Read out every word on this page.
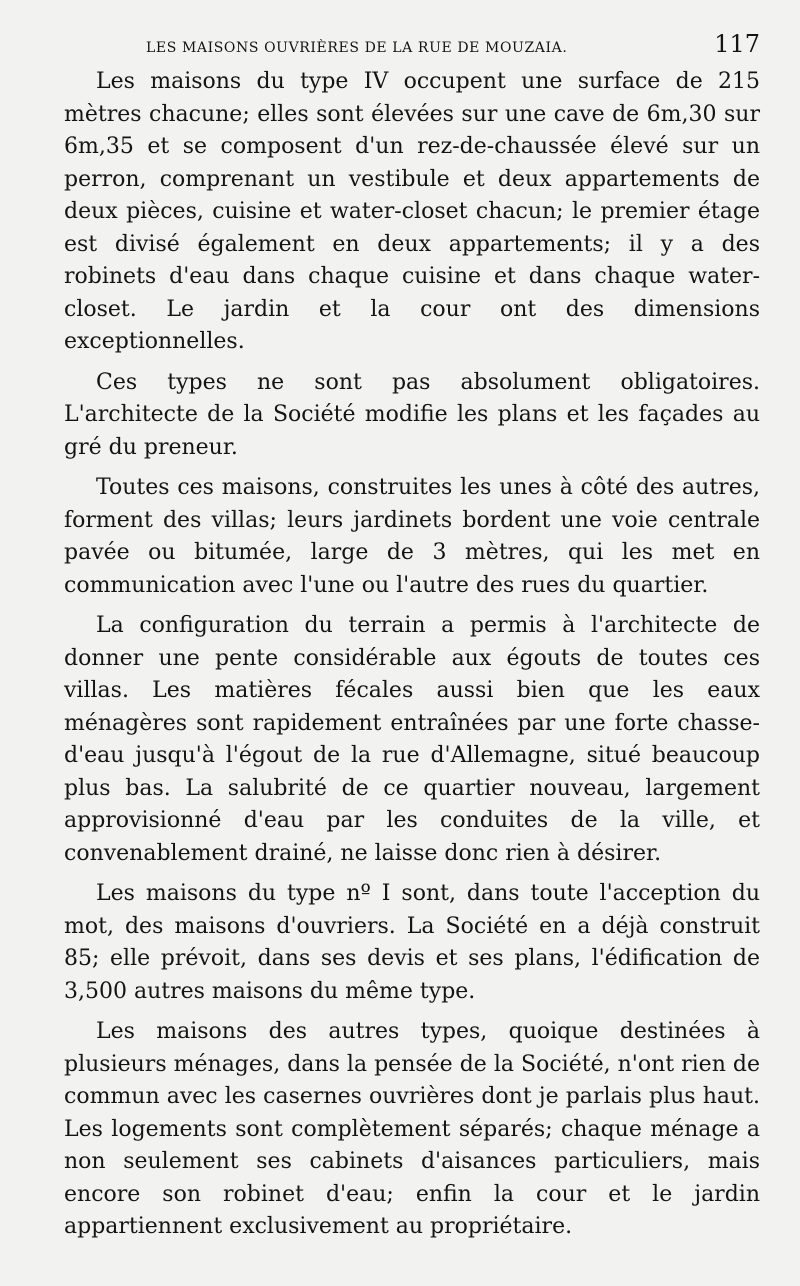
LES MAISONS OUVRIÈRES DE LA RUE DE MOUZAIA.	117

Les maisons du type IV occupent une surface de 215 mètres chacune; elles sont élevées sur une cave de 6m,30 sur 6m,35 et se composent d'un rez-de-chaussée élevé sur un perron, comprenant un vestibule et deux appartements de deux pièces, cuisine et water-closet chacun; le premier étage est divisé également en deux appartements; il y a des robinets d'eau dans chaque cuisine et dans chaque water-closet. Le jardin et la cour ont des dimensions exceptionnelles.

Ces types ne sont pas absolument obligatoires. L'architecte de la Société modifie les plans et les façades au gré du preneur.

Toutes ces maisons, construites les unes à côté des autres, forment des villas; leurs jardinets bordent une voie centrale pavée ou bitumée, large de 3 mètres, qui les met en communication avec l'une ou l'autre des rues du quartier.

La configuration du terrain a permis à l'architecte de donner une pente considérable aux égouts de toutes ces villas. Les matières fécales aussi bien que les eaux ménagères sont rapidement entraînées par une forte chasse-d'eau jusqu'à l'égout de la rue d'Allemagne, situé beaucoup plus bas. La salubrité de ce quartier nouveau, largement approvisionné d'eau par les conduites de la ville, et convenablement drainé, ne laisse donc rien à désirer.

Les maisons du type nº I sont, dans toute l'acception du mot, des maisons d'ouvriers. La Société en a déjà construit 85; elle prévoit, dans ses devis et ses plans, l'édification de 3,500 autres maisons du même type.

Les maisons des autres types, quoique destinées à plusieurs ménages, dans la pensée de la Société, n'ont rien de commun avec les casernes ouvrières dont je parlais plus haut. Les logements sont complètement séparés; chaque ménage a non seulement ses cabinets d'aisances particuliers, mais encore son robinet d'eau; enfin la cour et le jardin appartiennent exclusivement au propriétaire.
